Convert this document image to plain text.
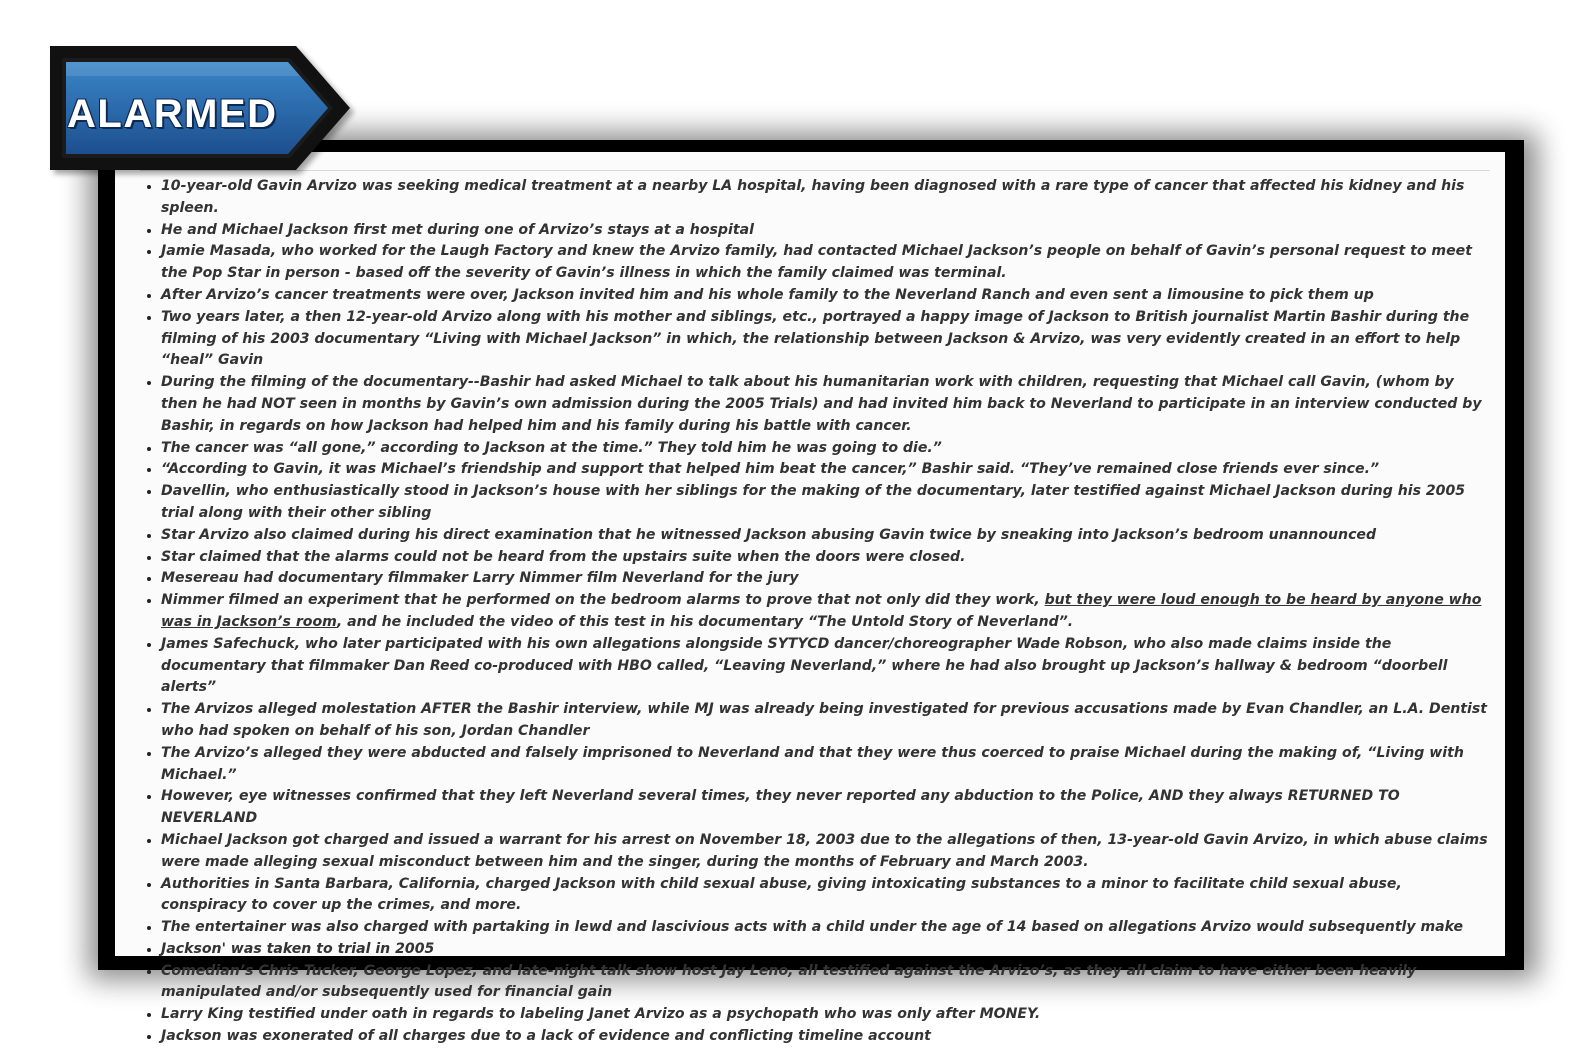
• 10-year-old Gavin Arvizo was seeking medical treatment at a nearby LA hospital, having been diagnosed with a rare type of cancer that affected his kidney and his spleen.
• He and Michael Jackson first met during one of Arvizo’s stays at a hospital
• Jamie Masada, who worked for the Laugh Factory and knew the Arvizo family, had contacted Michael Jackson’s people on behalf of Gavin’s personal request to meet the Pop Star in person - based off the severity of Gavin’s illness in which the family claimed was terminal.
• After Arvizo’s cancer treatments were over, Jackson invited him and his whole family to the Neverland Ranch and even sent a limousine to pick them up
• Two years later, a then 12-year-old Arvizo along with his mother and siblings, etc., portrayed a happy image of Jackson to British journalist Martin Bashir during the filming of his 2003 documentary “Living with Michael Jackson” in which, the relationship between Jackson & Arvizo, was very evidently created in an effort to help “heal” Gavin
• During the filming of the documentary--Bashir had asked Michael to talk about his humanitarian work with children, requesting that Michael call Gavin, (whom by then he had NOT seen in months by Gavin’s own admission during the 2005 Trials) and had invited him back to Neverland to participate in an interview conducted by Bashir, in regards on how Jackson had helped him and his family during his battle with cancer.
• The cancer was “all gone,” according to Jackson at the time.” They told him he was going to die.”
• “According to Gavin, it was Michael’s friendship and support that helped him beat the cancer,” Bashir said. “They’ve remained close friends ever since.”
• Davellin, who enthusiastically stood in Jackson’s house with her siblings for the making of the documentary, later testified against Michael Jackson during his 2005 trial along with their other sibling
• Star Arvizo also claimed during his direct examination that he witnessed Jackson abusing Gavin twice by sneaking into Jackson’s bedroom unannounced
• Star claimed that the alarms could not be heard from the upstairs suite when the doors were closed.
• Mesereau had documentary filmmaker Larry Nimmer film Neverland for the jury
• Nimmer filmed an experiment that he performed on the bedroom alarms to prove that not only did they work, but they were loud enough to be heard by anyone who was in Jackson’s room, and he included the video of this test in his documentary “The Untold Story of Neverland”.
• James Safechuck, who later participated with his own allegations alongside SYTYCD dancer/choreographer Wade Robson, who also made claims inside the documentary that filmmaker Dan Reed co-produced with HBO called, “Leaving Neverland,” where he had also brought up Jackson’s hallway & bedroom “doorbell alerts”
• The Arvizos alleged molestation AFTER the Bashir interview, while MJ was already being investigated for previous accusations made by Evan Chandler, an L.A. Dentist who had spoken on behalf of his son, Jordan Chandler
• The Arvizo’s alleged they were abducted and falsely imprisoned to Neverland and that they were thus coerced to praise Michael during the making of, “Living with Michael.”
• However, eye witnesses confirmed that they left Neverland several times, they never reported any abduction to the Police, AND they always RETURNED TO NEVERLAND
• Michael Jackson got charged and issued a warrant for his arrest on November 18, 2003 due to the allegations of then, 13-year-old Gavin Arvizo, in which abuse claims were made alleging sexual misconduct between him and the singer, during the months of February and March 2003.
• Authorities in Santa Barbara, California, charged Jackson with child sexual abuse, giving intoxicating substances to a minor to facilitate child sexual abuse, conspiracy to cover up the crimes, and more.
• The entertainer was also charged with partaking in lewd and lascivious acts with a child under the age of 14 based on allegations Arvizo would subsequently make
• Jackson' was taken to trial in 2005
• Comedian’s Chris Tucker, George Lopez, and late-night talk show host Jay Leno, all testified against the Arvizo’s, as they all claim to have either been heavily manipulated and/or subsequently used for financial gain
• Larry King testified under oath in regards to labeling Janet Arvizo as a psychopath who was only after MONEY.
• Jackson was exonerated of all charges due to a lack of evidence and conflicting timeline account
ALARMED
